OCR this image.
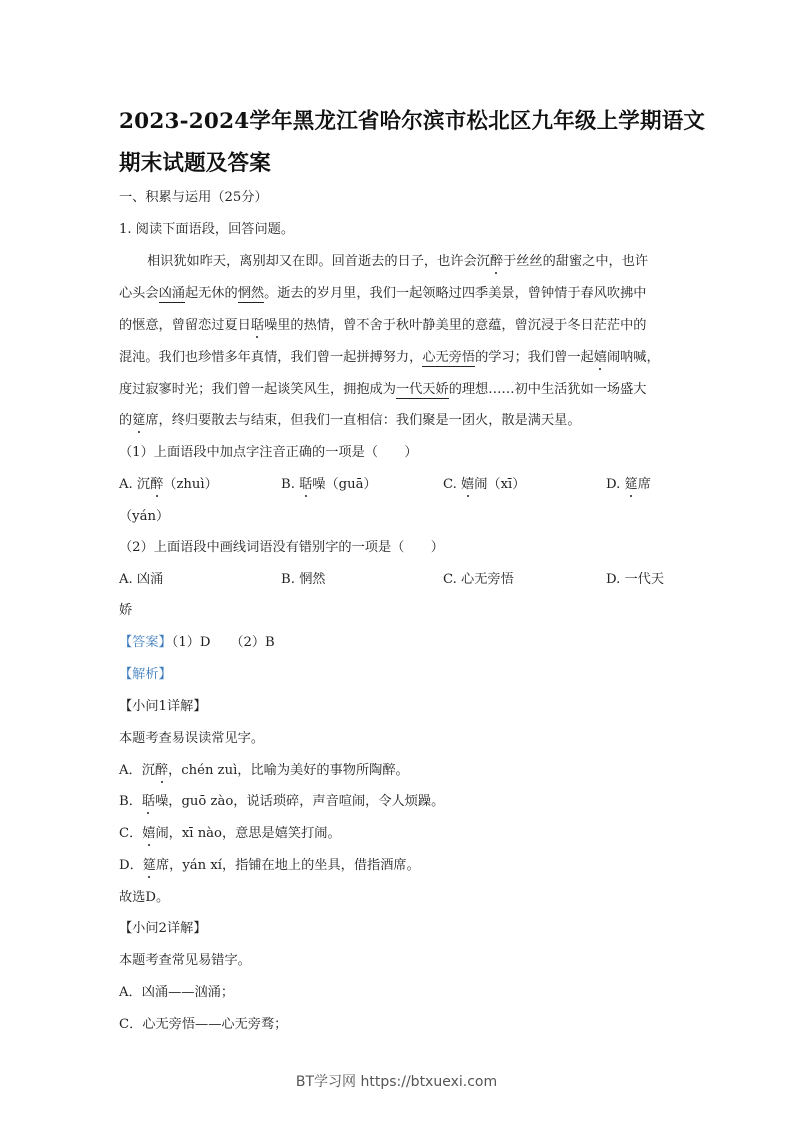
2023-2024学年黑龙江省哈尔滨市松北区九年级上学期语文
期末试题及答案
一、积累与运用（25分）
1. 阅读下面语段，回答问题。
相识犹如昨天，离别却又在即。回首逝去的日子，也许会沉醉于丝丝的甜蜜之中，也许
心头会凶涌起无休的惘然。逝去的岁月里，我们一起领略过四季美景，曾钟情于春风吹拂中
的惬意，曾留恋过夏日聒噪里的热情，曾不舍于秋叶静美里的意蕴，曾沉浸于冬日茫茫中的
混沌。我们也珍惜多年真情，我们曾一起拼搏努力，心无旁悟的学习；我们曾一起嬉闹呐喊，
度过寂寥时光；我们曾一起谈笑风生，拥抱成为一代天娇的理想……初中生活犹如一场盛大
的筵席，终归要散去与结束，但我们一直相信：我们聚是一团火，散是满天星。
（1）上面语段中加点字注音正确的一项是（　　）
A. 沉醉（zhuì）	B. 聒噪（guā）	C. 嬉闹（xī）	D. 筵席
（yán）
（2）上面语段中画线词语没有错别字的一项是（　　）
A. 凶涌	B. 惘然	C. 心无旁悟	D. 一代天
娇
【答案】（1）D　　（2）B
【解析】
【小问1详解】
本题考查易误读常见字。
A．沉醉，chén zuì，比喻为美好的事物所陶醉。
B．聒噪，guō zào，说话琐碎，声音喧闹，令人烦躁。
C．嬉闹，xī nào，意思是嬉笑打闹。
D．筵席，yán xí，指铺在地上的坐具，借指酒席。
故选D。
【小问2详解】
本题考查常见易错字。
A．凶涌——汹涌；
C．心无旁悟——心无旁骛；
BT学习网 https://btxuexi.com
